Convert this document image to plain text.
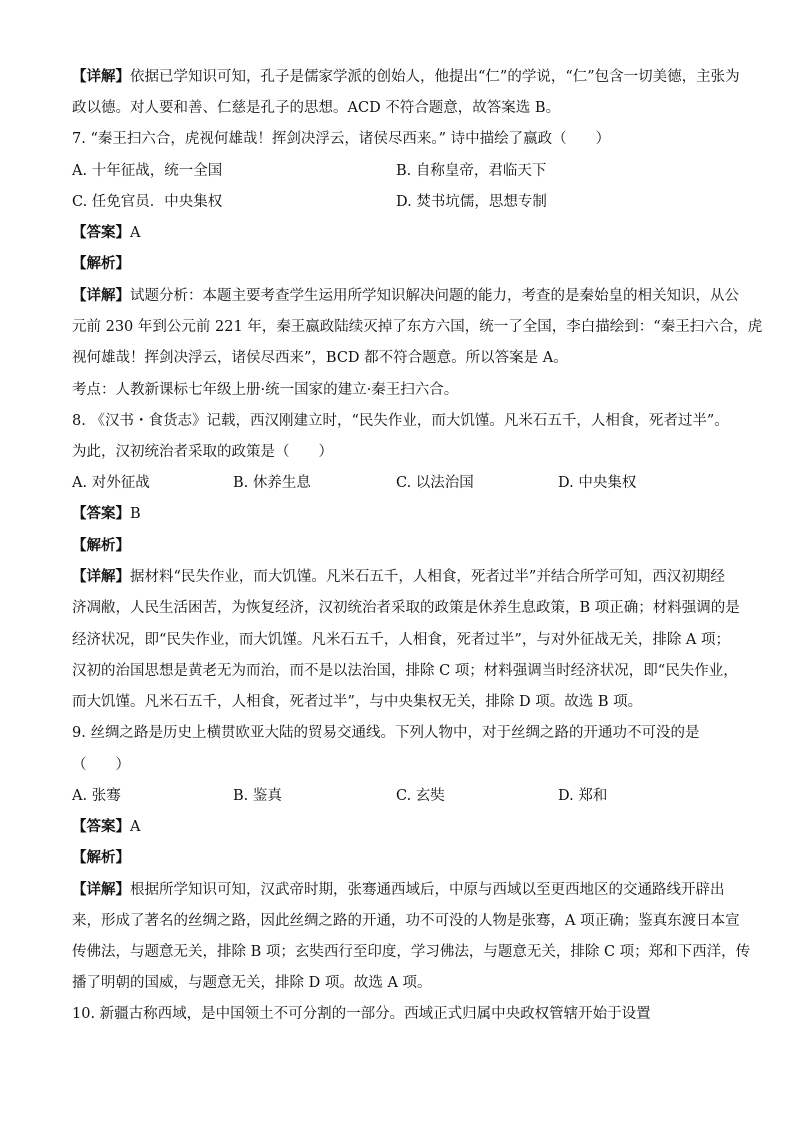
【详解】依据已学知识可知，孔子是儒家学派的创始人，他提出“仁”的学说，“仁”包含一切美德，主张为
政以德。对人要和善、仁慈是孔子的思想。ACD 不符合题意，故答案选 B。
7. “秦王扫六合，虎视何雄哉！挥剑决浮云，诸侯尽西来。” 诗中描绘了嬴政（　　）
A. 十年征战，统一全国	B. 自称皇帝，君临天下
C. 任免官员．中央集权	D. 焚书坑儒，思想专制
【答案】A
【解析】
【详解】试题分析：本题主要考查学生运用所学知识解决问题的能力，考查的是秦始皇的相关知识，从公
元前 230 年到公元前 221 年，秦王嬴政陆续灭掉了东方六国，统一了全国，李白描绘到：“秦王扫六合，虎
视何雄哉！挥剑决浮云，诸侯尽西来”，BCD 都不符合题意。所以答案是 A。
考点：人教新课标七年级上册·统一国家的建立·秦王扫六合。
8. 《汉书・食货志》记载，西汉刚建立时，“民失作业，而大饥馑。凡米石五千，人相食，死者过半”。
为此，汉初统治者采取的政策是（　　）
A. 对外征战	B. 休养生息	C. 以法治国	D. 中央集权
【答案】B
【解析】
【详解】据材料“民失作业，而大饥馑。凡米石五千，人相食，死者过半”并结合所学可知，西汉初期经
济凋敝，人民生活困苦，为恢复经济，汉初统治者采取的政策是休养生息政策，B 项正确；材料强调的是
经济状况，即“民失作业，而大饥馑。凡米石五千，人相食，死者过半”，与对外征战无关，排除 A 项；
汉初的治国思想是黄老无为而治，而不是以法治国，排除 C 项；材料强调当时经济状况，即“民失作业，
而大饥馑。凡米石五千，人相食，死者过半”，与中央集权无关，排除 D 项。故选 B 项。
9. 丝绸之路是历史上横贯欧亚大陆的贸易交通线。下列人物中，对于丝绸之路的开通功不可没的是
（　　）
A. 张骞	B. 鉴真	C. 玄奘	D. 郑和
【答案】A
【解析】
【详解】根据所学知识可知，汉武帝时期，张骞通西域后，中原与西域以至更西地区的交通路线开辟出
来，形成了著名的丝绸之路，因此丝绸之路的开通，功不可没的人物是张骞，A 项正确；鉴真东渡日本宣
传佛法，与题意无关，排除 B 项；玄奘西行至印度，学习佛法，与题意无关，排除 C 项；郑和下西洋，传
播了明朝的国威，与题意无关，排除 D 项。故选 A 项。
10. 新疆古称西域，是中国领土不可分割的一部分。西域正式归属中央政权管辖开始于设置
